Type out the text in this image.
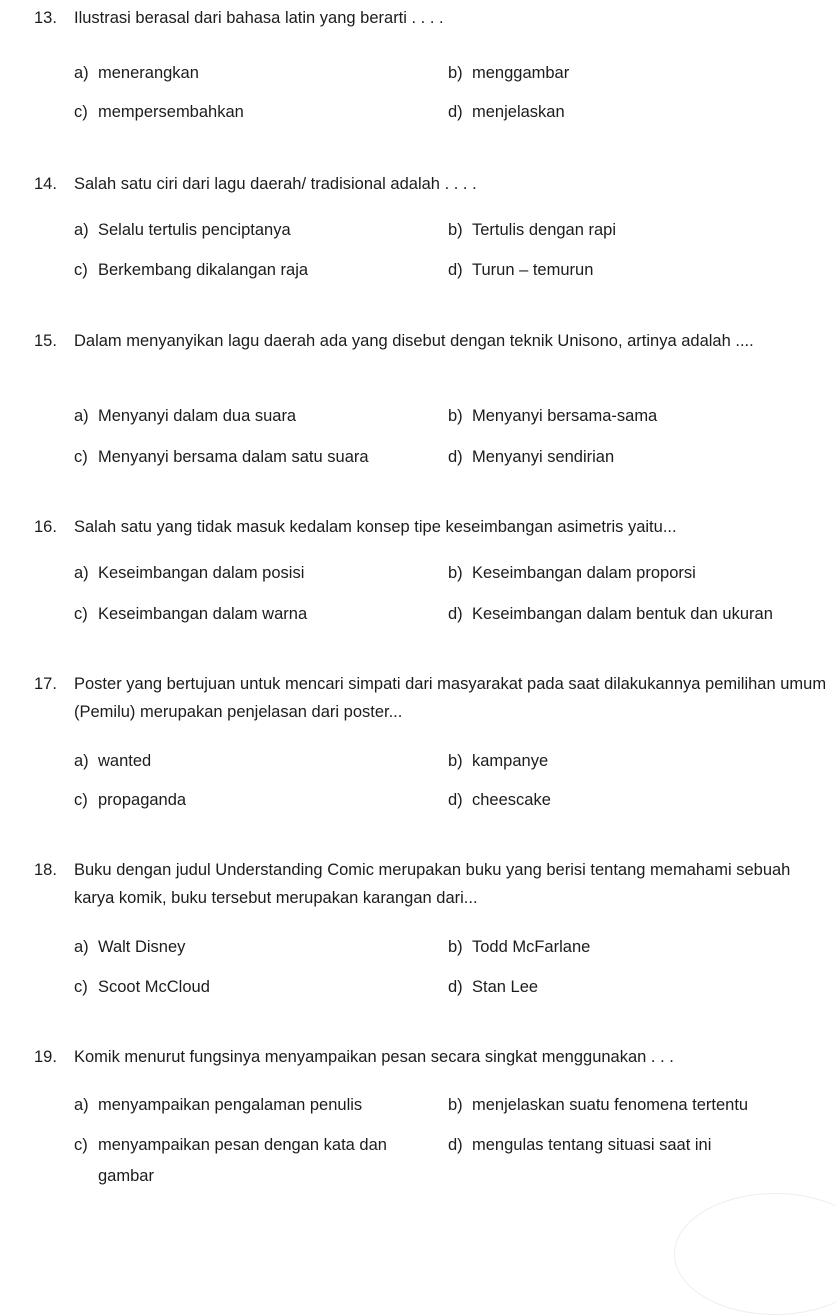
13.	Ilustrasi berasal dari bahasa latin yang berarti . . . .
a) menerangkan	b) menggambar
c) mempersembahkan	d) menjelaskan
14.	Salah satu ciri dari lagu daerah/ tradisional adalah . . . .
a) Selalu tertulis penciptanya	b) Tertulis dengan rapi
c) Berkembang dikalangan raja	d) Turun – temurun
15.	Dalam menyanyikan lagu daerah ada yang disebut dengan teknik Unisono, artinya adalah ....
a) Menyanyi dalam dua suara	b) Menyanyi bersama-sama
c) Menyanyi bersama dalam satu suara	d) Menyanyi sendirian
16.	Salah satu yang tidak masuk kedalam konsep tipe keseimbangan asimetris yaitu...
a) Keseimbangan dalam posisi	b) Keseimbangan dalam proporsi
c) Keseimbangan dalam warna	d) Keseimbangan dalam bentuk dan ukuran
17.	Poster yang bertujuan untuk mencari simpati dari masyarakat pada saat dilakukannya pemilihan umum (Pemilu) merupakan penjelasan dari poster...
a) wanted	b) kampanye
c) propaganda	d) cheescake
18.	Buku dengan judul Understanding Comic merupakan buku yang berisi tentang memahami sebuah karya komik, buku tersebut merupakan karangan dari...
a) Walt Disney	b) Todd McFarlane
c) Scoot McCloud	d) Stan Lee
19.	Komik menurut fungsinya menyampaikan pesan secara singkat menggunakan . . .
a) menyampaikan pengalaman penulis	b) menjelaskan suatu fenomena tertentu
c) menyampaikan pesan dengan kata dan gambar
d) mengulas tentang situasi saat ini
